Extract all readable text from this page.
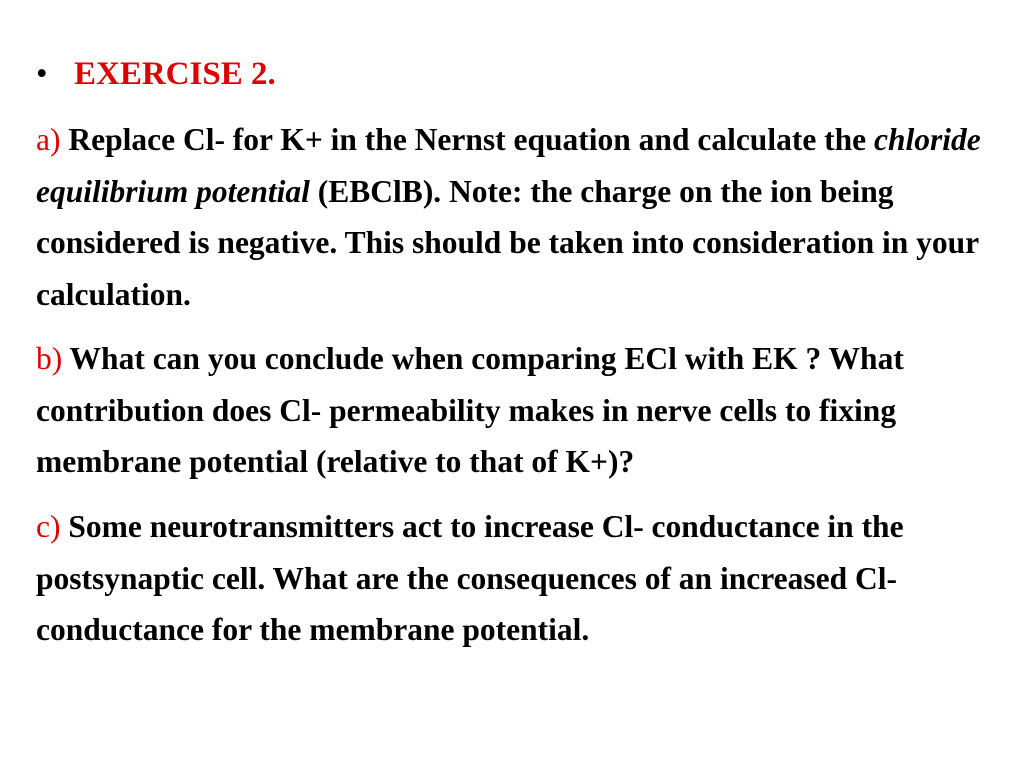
• EXERCISE 2.

a) Replace Cl- for K+ in the Nernst equation and calculate the chloride equilibrium potential (EBClB). Note: the charge on the ion being considered is negative. This should be taken into consideration in your calculation.

b) What can you conclude when comparing ECl with EK ? What contribution does Cl- permeability makes in nerve cells to fixing membrane potential (relative to that of K+)?

c) Some neurotransmitters act to increase Cl- conductance in the postsynaptic cell. What are the consequences of an increased Cl- conductance for the membrane potential.
